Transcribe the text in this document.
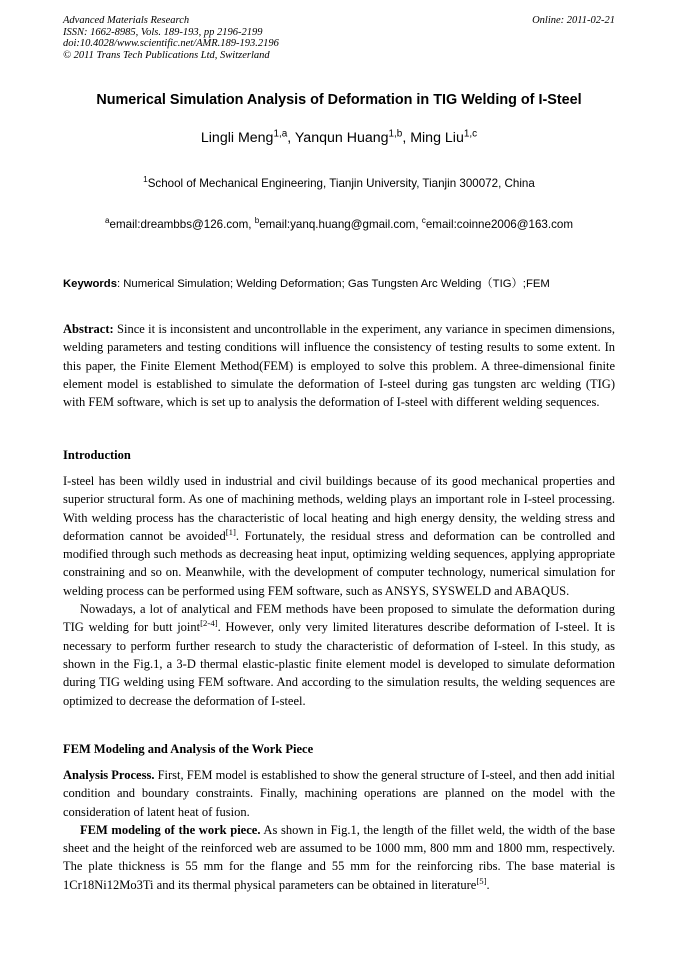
Advanced Materials Research
ISSN: 1662-8985, Vols. 189-193, pp 2196-2199
doi:10.4028/www.scientific.net/AMR.189-193.2196
© 2011 Trans Tech Publications Ltd, Switzerland
Online: 2011-02-21
Numerical Simulation Analysis of Deformation in TIG Welding of I-Steel
Lingli Meng$^{1,a}$, Yanqun Huang$^{1,b}$, Ming Liu$^{1,c}$
$^1$School of Mechanical Engineering, Tianjin University, Tianjin 300072, China
$^a$email:dreambbs@126.com, $^b$email:yanq.huang@gmail.com, $^c$email:coinne2006@163.com
Keywords: Numerical Simulation; Welding Deformation; Gas Tungsten Arc Welding（TIG）;FEM

Abstract: Since it is inconsistent and uncontrollable in the experiment, any variance in specimen dimensions, welding parameters and testing conditions will influence the consistency of testing results to some extent. In this paper, the Finite Element Method(FEM) is employed to solve this problem. A three-dimensional finite element model is established to simulate the deformation of I-steel during gas tungsten arc welding (TIG) with FEM software, which is set up to analysis the deformation of I-steel with different welding sequences.

Introduction

I-steel has been wildly used in industrial and civil buildings because of its good mechanical properties and superior structural form. As one of machining methods, welding plays an important role in I-steel processing. With welding process has the characteristic of local heating and high energy density, the welding stress and deformation cannot be avoided[1]. Fortunately, the residual stress and deformation can be controlled and modified through such methods as decreasing heat input, optimizing welding sequences, applying appropriate constraining and so on. Meanwhile, with the development of computer technology, numerical simulation for welding process can be performed using FEM software, such as ANSYS, SYSWELD and ABAQUS.

Nowadays, a lot of analytical and FEM methods have been proposed to simulate the deformation during TIG welding for butt joint[2-4]. However, only very limited literatures describe deformation of I-steel. It is necessary to perform further research to study the characteristic of deformation of I-steel. In this study, as shown in the Fig.1, a 3-D thermal elastic-plastic finite element model is developed to simulate deformation during TIG welding using FEM software. And according to the simulation results, the welding sequences are optimized to decrease the deformation of I-steel.

FEM Modeling and Analysis of the Work Piece

Analysis Process. First, FEM model is established to show the general structure of I-steel, and then add initial condition and boundary constraints. Finally, machining operations are planned on the model with the consideration of latent heat of fusion.

FEM modeling of the work piece. As shown in Fig.1, the length of the fillet weld, the width of the base sheet and the height of the reinforced web are assumed to be 1000 mm, 800 mm and 1800 mm, respectively. The plate thickness is 55 mm for the flange and 55 mm for the reinforcing ribs. The base material is 1Cr18Ni12Mo3Ti and its thermal physical parameters can be obtained in literature[5].
